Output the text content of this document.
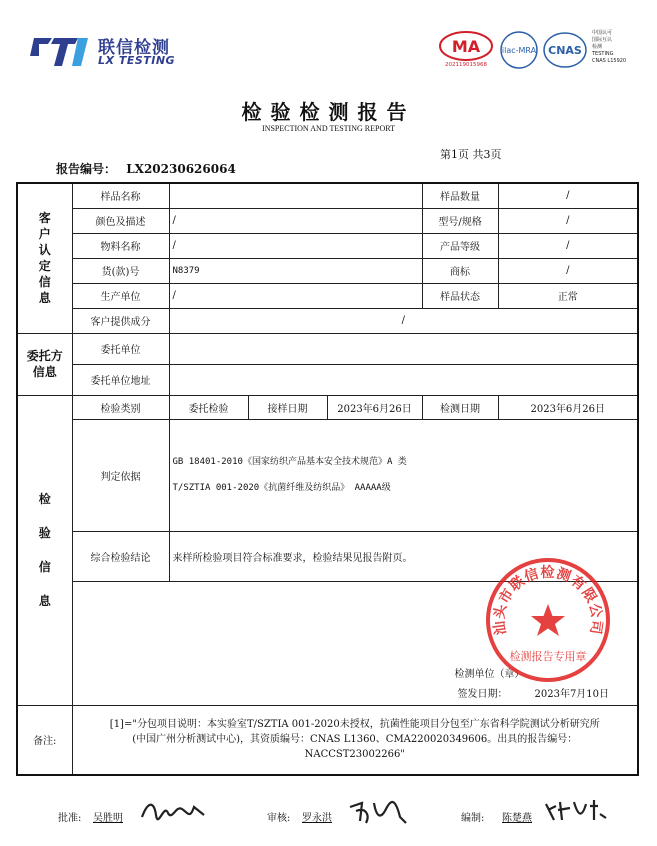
联信检测
LX TESTING
MA
202119015968
ilac-MRA CNAS
中国认可
国际互认
检测
TESTING
CNAS L15920
检验检测报告
INSPECTION AND TESTING REPORT
第1页 共3页
报告编号： LX20230626064
客户认定信息	样品名称				样品数量	/
	颜色及描述	/			型号/规格	/
	物料名称	/			产品等级	/
	货(款)号	N8379			商标	/
	生产单位	/			样品状态	正常
	客户提供成分	/				
委托方信息	委托单位					
	委托单位地址					
检验信息	检验类别	委托检验	接样日期	2023年6月26日	检测日期	2023年6月26日
	判定依据	GB 18401-2010《国家纺织产品基本安全技术规范》A 类
T/SZTIA 001-2020《抗菌纤维及纺织品》 AAAAA级				

	综合检验结论	来样所检验项目符合标准要求，检验结果见报告附页。				

	检测单位（章）
签发日期： 2023年7月10日					

备注:	[1]="分包项目说明：本实验室T/SZTIA 001-2020未授权，抗菌性能项目分包至广东省科学院测试分析研究所
(中国广州分析测试中心)，其资质编号：CNAS L1360、CMA220020349606。出具的报告编号：
NACCST23002266"					
汕头市联信检测有限公司
检测报告专用章
批准: 吴胜明	审核: 罗永洪	编制: 陈楚燕
